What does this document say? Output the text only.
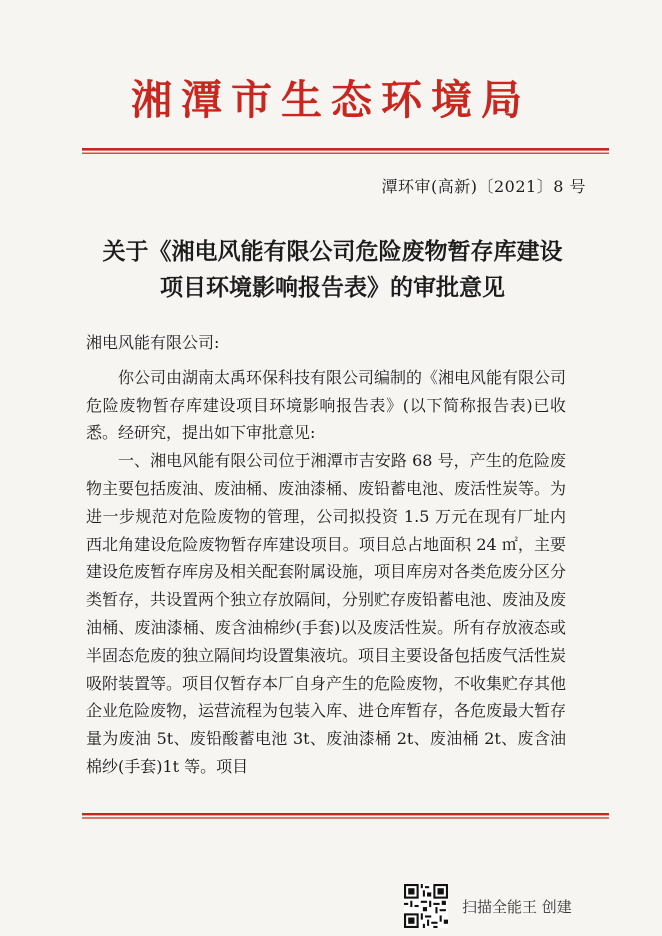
湘潭市生态环境局
潭环审(高新)〔2021〕8 号
关于《湘电风能有限公司危险废物暂存库建设
项目环境影响报告表》的审批意见

湘电风能有限公司:

你公司由湖南太禹环保科技有限公司编制的《湘电风能有限公司危险废物暂存库建设项目环境影响报告表》(以下简称报告表)已收悉。经研究，提出如下审批意见:

一、湘电风能有限公司位于湘潭市吉安路 68 号，产生的危险废物主要包括废油、废油桶、废油漆桶、废铅蓄电池、废活性炭等。为进一步规范对危险废物的管理，公司拟投资 1.5 万元在现有厂址内西北角建设危险废物暂存库建设项目。项目总占地面积 24 ㎡，主要建设危废暂存库房及相关配套附属设施，项目库房对各类危废分区分类暂存，共设置两个独立存放隔间，分别贮存废铅蓄电池、废油及废油桶、废油漆桶、废含油棉纱(手套)以及废活性炭。所有存放液态或半固态危废的独立隔间均设置集液坑。项目主要设备包括废气活性炭吸附装置等。项目仅暂存本厂自身产生的危险废物，不收集贮存其他企业危险废物，运营流程为包装入库、进仓库暂存，各危废最大暂存量为废油 5t、废铅酸蓄电池 3t、废油漆桶 2t、废油桶 2t、废含油棉纱(手套)1t 等。项目

扫描全能王 创建
